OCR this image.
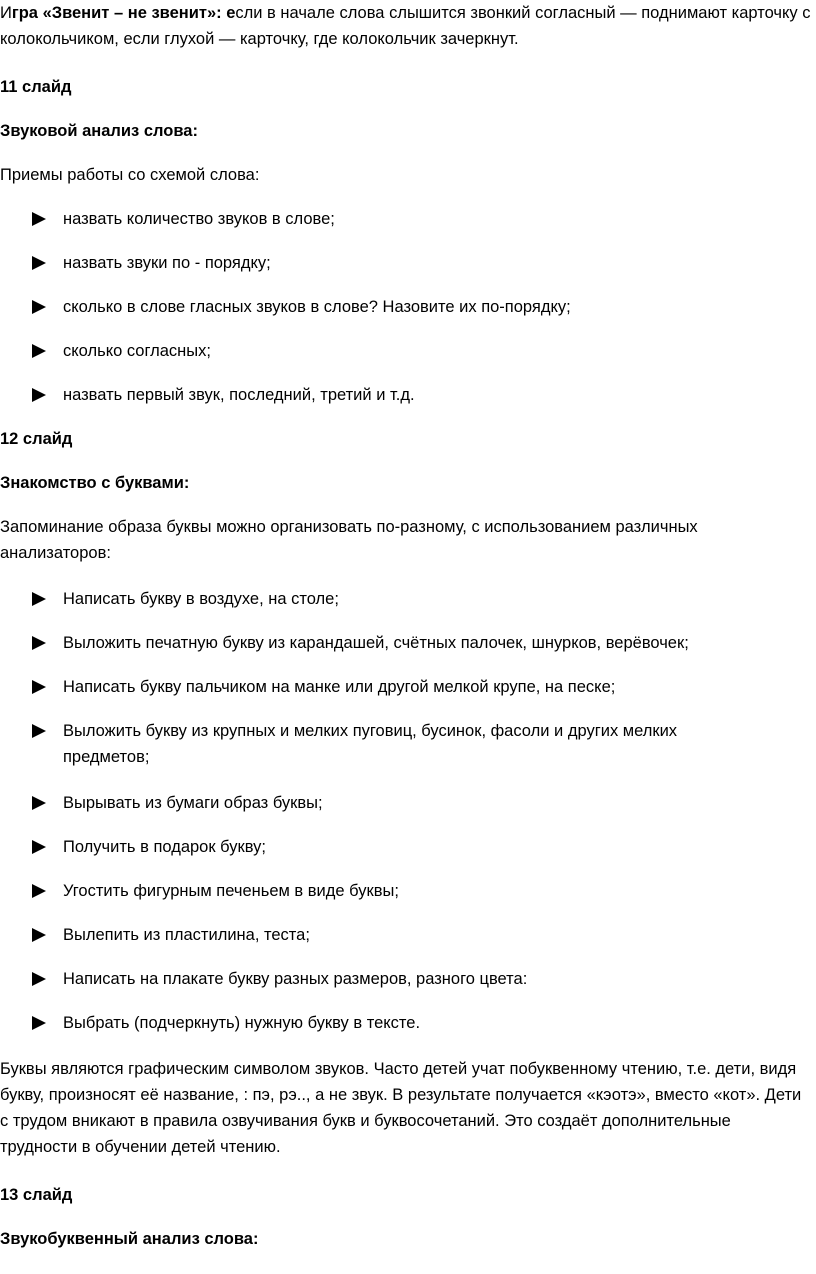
Игра «Звенит – не звенит»: если в начале слова слышится звонкий согласный — поднимают карточку с колокольчиком, если глухой — карточку, где колокольчик зачеркнут.

11 слайд

Звуковой анализ слова:

Приемы работы со схемой слова:

назвать количество звуков в слове;
назвать звуки по - порядку;
сколько в слове гласных звуков в слове? Назовите их по-порядку;
сколько согласных;
назвать первый звук, последний, третий и т.д.

12 слайд

Знакомство с буквами:

Запоминание образа буквы можно организовать по-разному, с использованием различных анализаторов:

Написать букву в воздухе, на столе;
Выложить печатную букву из карандашей, счётных палочек, шнурков, верёвочек;
Написать букву пальчиком на манке или другой мелкой крупе, на песке;
Выложить букву из крупных и мелких пуговиц, бусинок, фасоли и других мелких предметов;
Вырывать из бумаги образ буквы;
Получить в подарок букву;
Угостить фигурным печеньем в виде буквы;
Вылепить из пластилина, теста;
Написать на плакате букву разных размеров, разного цвета:
Выбрать (подчеркнуть) нужную букву в тексте.

Буквы являются графическим символом звуков. Часто детей учат побуквенному чтению, т.е. дети, видя букву, произносят её название, : пэ, рэ.., а не звук. В результате получается «кэотэ», вместо «кот». Дети с трудом вникают в правила озвучивания букв и буквосочетаний. Это создаёт дополнительные трудности в обучении детей чтению.

13 слайд

Звукобуквенный анализ слова:
